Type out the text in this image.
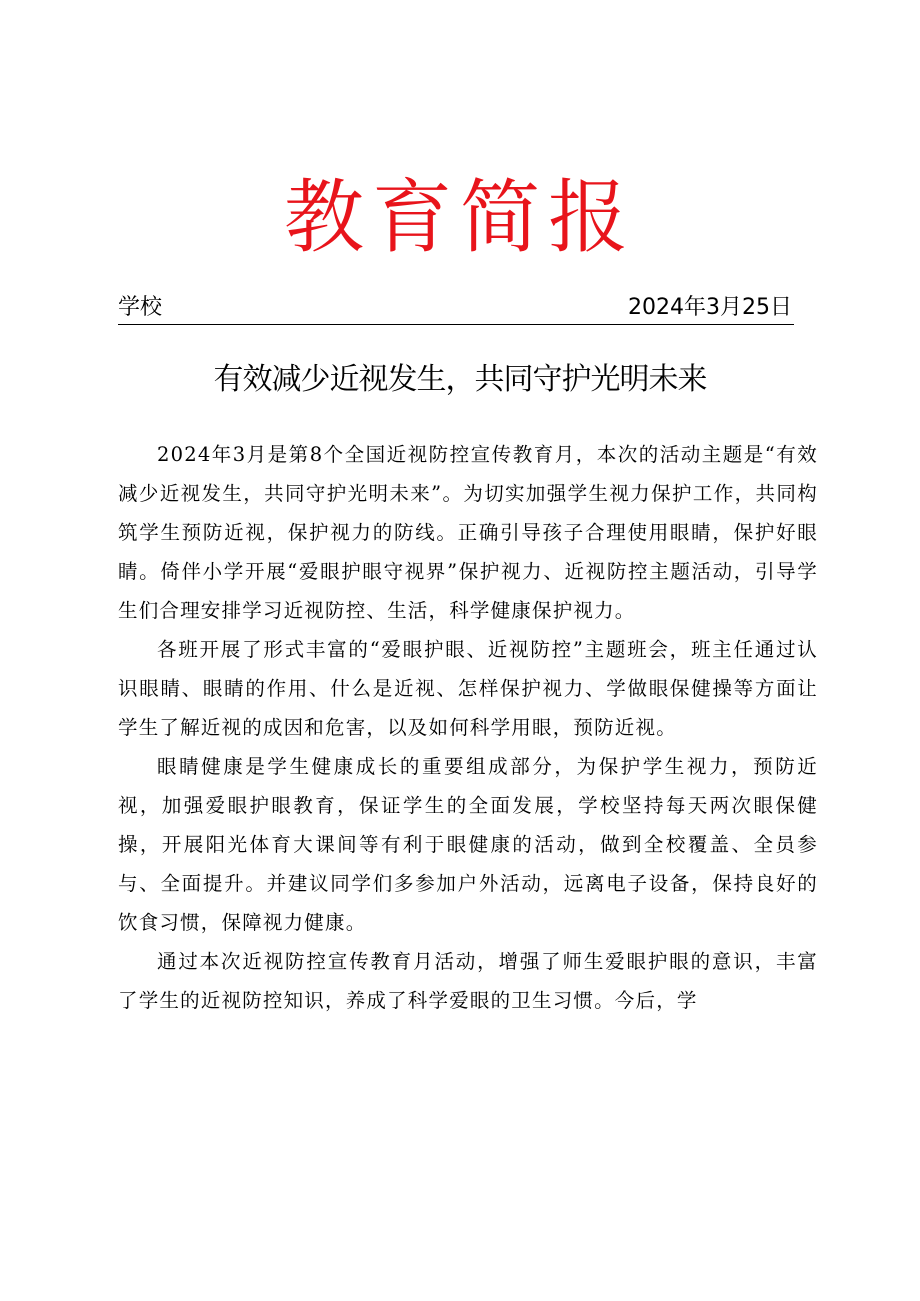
教育简报
学校	2024年3月25日
有效减少近视发生，共同守护光明未来

2024年3月是第8个全国近视防控宣传教育月，本次的活动主题是“有效减少近视发生，共同守护光明未来”。为切实加强学生视力保护工作，共同构筑学生预防近视，保护视力的防线。正确引导孩子合理使用眼睛，保护好眼睛。倚伴小学开展“爱眼护眼守视界”保护视力、近视防控主题活动，引导学生们合理安排学习近视防控、生活，科学健康保护视力。

各班开展了形式丰富的“爱眼护眼、近视防控”主题班会，班主任通过认识眼睛、眼睛的作用、什么是近视、怎样保护视力、学做眼保健操等方面让学生了解近视的成因和危害，以及如何科学用眼，预防近视。

眼睛健康是学生健康成长的重要组成部分，为保护学生视力，预防近视，加强爱眼护眼教育，保证学生的全面发展，学校坚持每天两次眼保健操，开展阳光体育大课间等有利于眼健康的活动，做到全校覆盖、全员参与、全面提升。并建议同学们多参加户外活动，远离电子设备，保持良好的饮食习惯，保障视力健康。

通过本次近视防控宣传教育月活动，增强了师生爱眼护眼的意识，丰富了学生的近视防控知识，养成了科学爱眼的卫生习惯。今后，学
